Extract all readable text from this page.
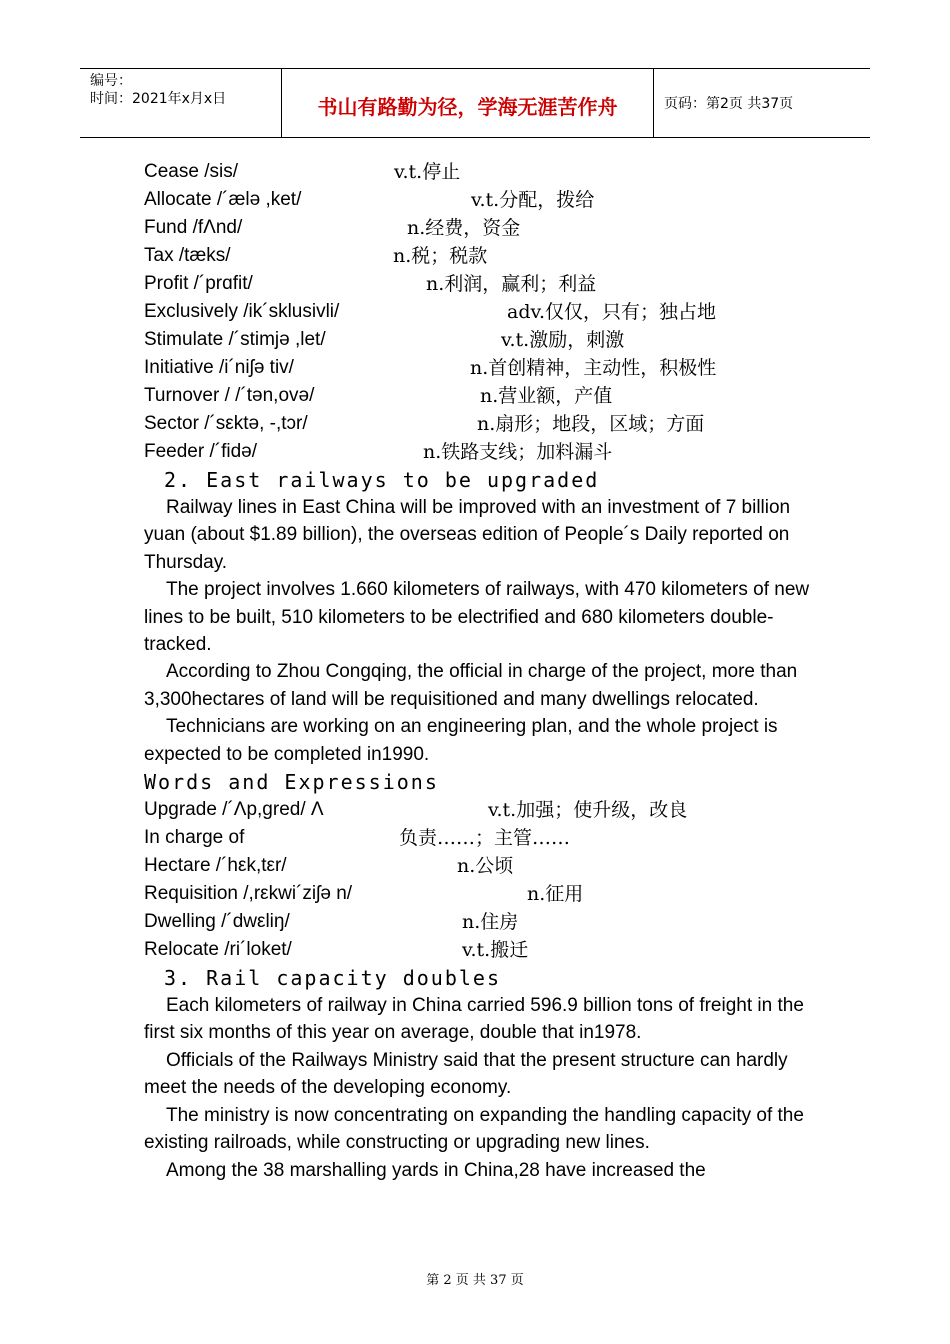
编号：
时间：2021年x月x日	书山有路勤为径，学海无涯苦作舟	页码：第2页 共37页
Cease /sis/	v.t.停止
Allocate /´ælə ,ket/	v.t.分配，拨给
Fund /fΛnd/	n.经费，资金
Tax /tæks/	n.税；税款
Profit /´prɑfit/	n.利润，赢利；利益
Exclusively /ik´sklusivli/	adv.仅仅，只有；独占地
Stimulate /´stimjə ,let/	v.t.激励，刺激
Initiative /i´niʃə tiv/	n.首创精神，主动性，积极性
Turnover / /´tən,ovə/	n.营业额，产值
Sector /´sεktə, -,tɔr/	n.扇形；地段，区域；方面
Feeder /´fidə/	n.铁路支线；加料漏斗
2. East railways to be upgraded

Railway lines in East China will be improved with an investment of 7 billion yuan (about $1.89 billion), the overseas edition of People´s Daily reported on Thursday.

The project involves 1.660 kilometers of railways, with 470 kilometers of new lines to be built, 510 kilometers to be electrified and 680 kilometers double-tracked.

According to Zhou Congqing, the official in charge of the project, more than 3,300hectares of land will be requisitioned and many dwellings relocated.

Technicians are working on an engineering plan, and the whole project is expected to be completed in1990.

Words and Expressions
Upgrade /´Λp,gred/ Λ	v.t.加强；使升级，改良
In charge of	负责……；主管……
Hectare /´hεk,tεr/	n.公顷
Requisition /,rεkwi´ziʃə n/	n.征用
Dwelling /´dwεliŋ/	n.住房
Relocate /ri´loket/	v.t.搬迁
3. Rail capacity doubles

Each kilometers of railway in China carried 596.9 billion tons of freight in the first six months of this year on average, double that in1978.

Officials of the Railways Ministry said that the present structure can hardly meet the needs of the developing economy.

The ministry is now concentrating on expanding the handling capacity of the existing railroads, while constructing or upgrading new lines.

Among the 38 marshalling yards in China,28 have increased the

第 2 页 共 37 页
